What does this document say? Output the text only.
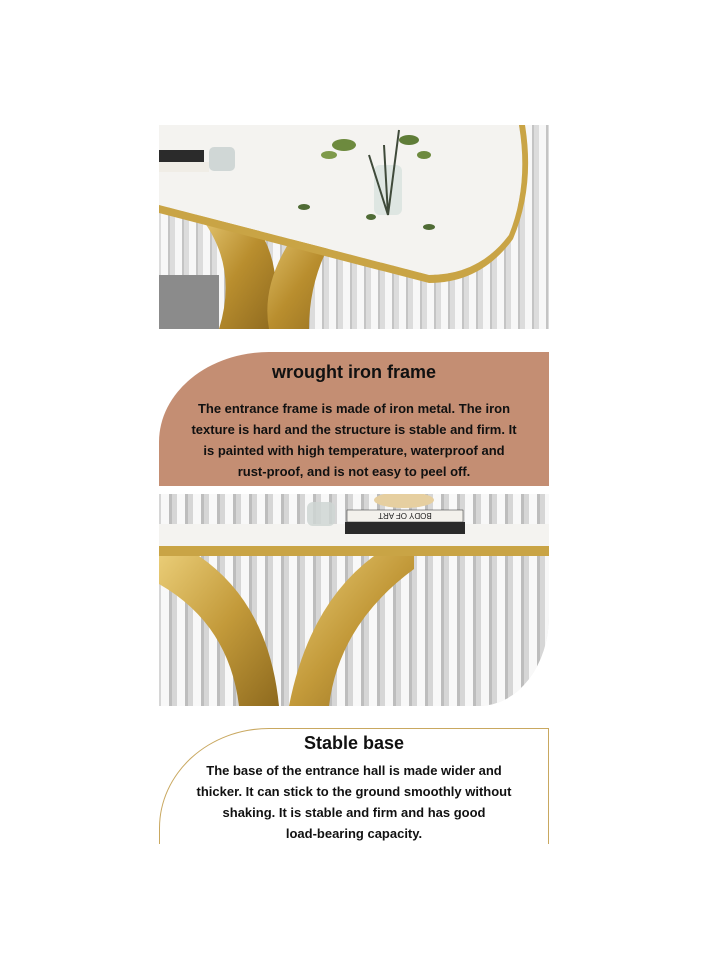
wrought iron frame
The entrance frame is made of iron metal. The iron
texture is hard and the structure is stable and firm. It
is painted with high temperature, waterproof and
rust-proof, and is not easy to peel off.
BODY OF ART
Stable base
The base of the entrance hall is made wider and
thicker. It can stick to the ground smoothly without
shaking. It is stable and firm and has good
load-bearing capacity.
